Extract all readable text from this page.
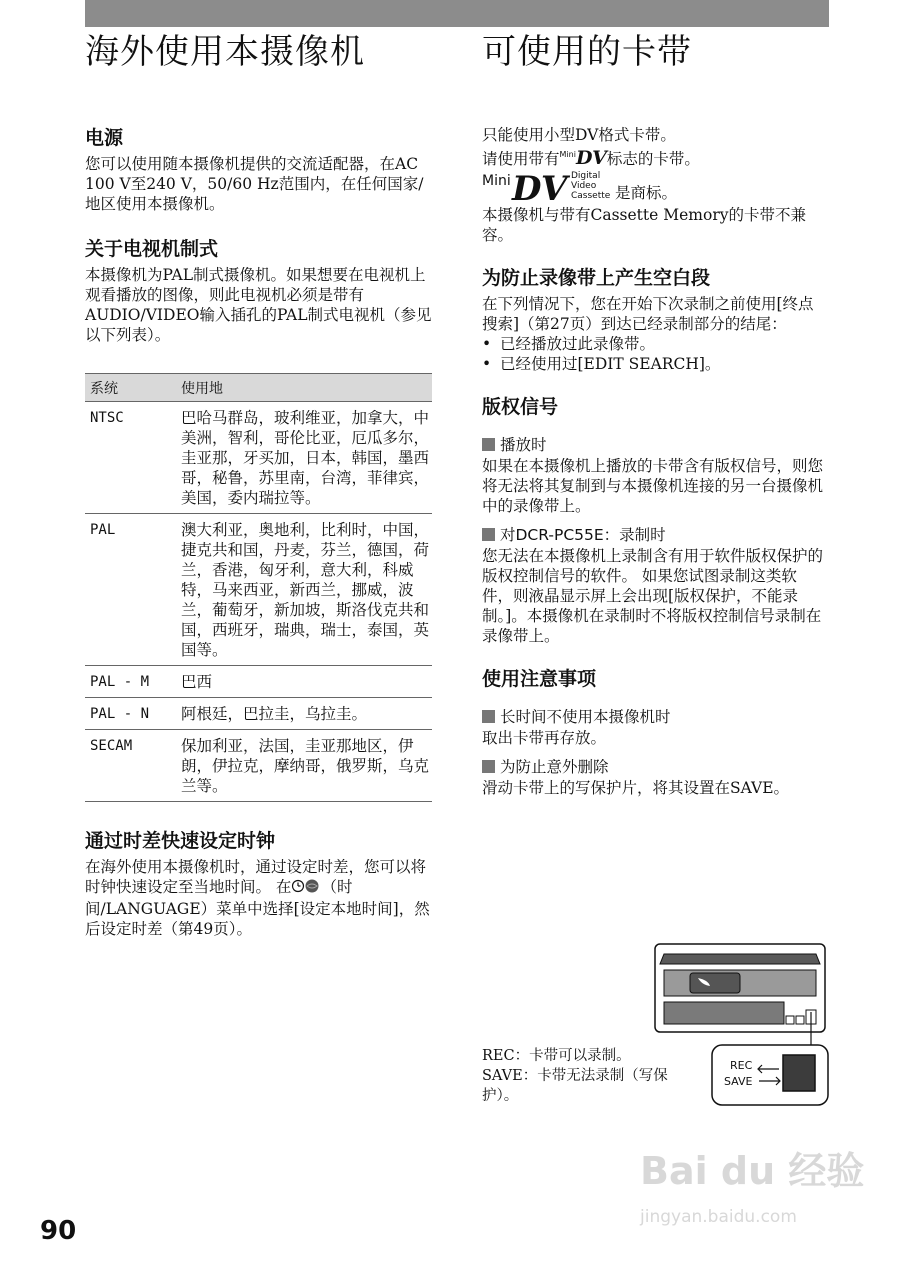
海外使用本摄像机
电源

您可以使用随本摄像机提供的交流适配器，在AC 100 V至240 V，50/60 Hz范围内，在任何国家/地区使用本摄像机。

关于电视机制式

本摄像机为PAL制式摄像机。如果想要在电视机上观看播放的图像，则此电视机必须是带有AUDIO/VIDEO输入插孔的PAL制式电视机（参见以下列表）。

系统	使用地
NTSC	巴哈马群岛，玻利维亚，加拿大，中美洲，智利，哥伦比亚，厄瓜多尔，圭亚那，牙买加，日本，韩国，墨西哥，秘鲁，苏里南，台湾，菲律宾，美国，委内瑞拉等。
PAL	澳大利亚，奥地利，比利时，中国，捷克共和国，丹麦，芬兰，德国，荷兰，香港，匈牙利，意大利，科威特，马来西亚，新西兰，挪威，波兰，葡萄牙，新加坡，斯洛伐克共和国，西班牙，瑞典，瑞士，泰国，英国等。
PAL - M	巴西
PAL - N	阿根廷，巴拉圭，乌拉圭。
SECAM	保加利亚，法国，圭亚那地区，伊朗，伊拉克，摩纳哥，俄罗斯，乌克兰等。
通过时差快速设定时钟

在海外使用本摄像机时，通过设定时差，您可以将时钟快速设定至当地时间。 在 （时间/LANGUAGE）菜单中选择[设定本地时间]，然后设定时差（第49页）。

可使用的卡带

只能使用小型DV格式卡带。

请使用带有$^{Mini}$DV标志的卡带。

Mini DV Digital
Video
Cassette 是商标。

本摄像机与带有Cassette Memory的卡带不兼容。

为防止录像带上产生空白段

在下列情况下，您在开始下次录制之前使用[终点搜索]（第27页）到达已经录制部分的结尾：

• 已经播放过此录像带。
• 已经使用过[EDIT SEARCH]。
版权信号
播放时

如果在本摄像机上播放的卡带含有版权信号，则您将无法将其复制到与本摄像机连接的另一台摄像机中的录像带上。

对DCR-PC55E：录制时

您无法在本摄像机上录制含有用于软件版权保护的版权控制信号的软件。 如果您试图录制这类软件，则液晶显示屏上会出现[版权保护，不能录制。]。本摄像机在录制时不将版权控制信号录制在录像带上。

使用注意事项
长时间不使用本摄像机时

取出卡带再存放。

为防止意外删除

滑动卡带上的写保护片，将其设置在SAVE。

REC
SAVE

REC：卡带可以录制。

SAVE：卡带无法录制（写保护）。

90
Bai du 经验
jingyan.baidu.com
